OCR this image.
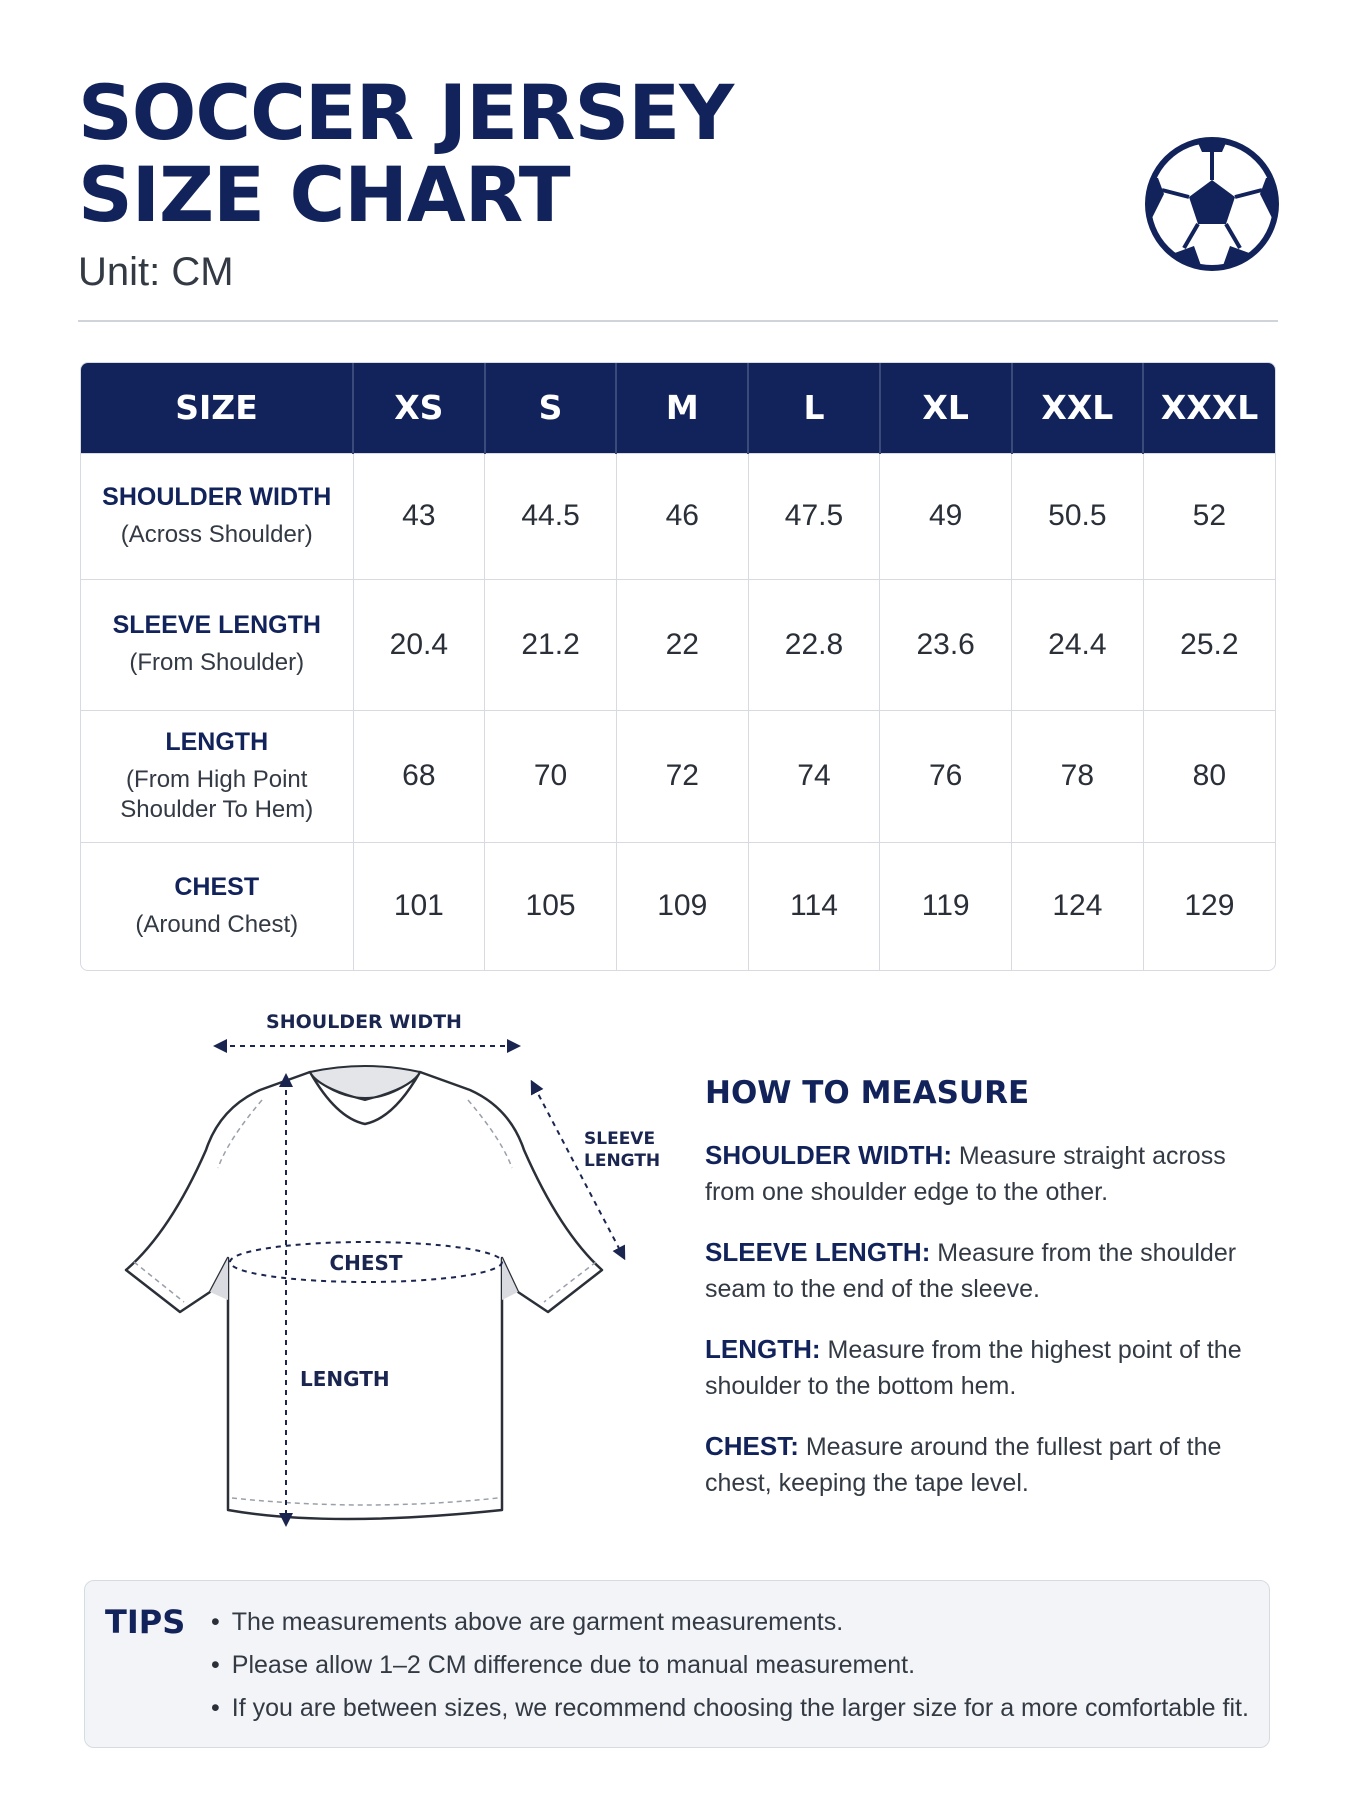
SOCCER JERSEY
SIZE CHART
Unit: CM
SIZE	XS	S	M	L	XL	XXL	XXXL

SHOULDER WIDTH
(Across Shoulder)	43	44.5	46	47.5	49	50.5	52

SLEEVE LENGTH
(From Shoulder)	20.4	21.2	22	22.8	23.6	24.4	25.2

LENGTH
(From High Point Shoulder To Hem)	68	70	72	74	76	78	80

CHEST
(Around Chest)	101	105	109	114	119	124	129
SHOULDER WIDTH
SLEEVE
LENGTH
CHEST
LENGTH
HOW TO MEASURE

SHOULDER WIDTH: Measure straight across from one shoulder edge to the other.

SLEEVE LENGTH: Measure from the shoulder seam to the end of the sleeve.

LENGTH: Measure from the highest point of the shoulder to the bottom hem.

CHEST: Measure around the fullest part of the chest, keeping the tape level.

TIPS	• The measurements above are garment measurements.
• Please allow 1–2 CM difference due to manual measurement.
• If you are between sizes, we recommend choosing the larger size for a more comfortable fit.
